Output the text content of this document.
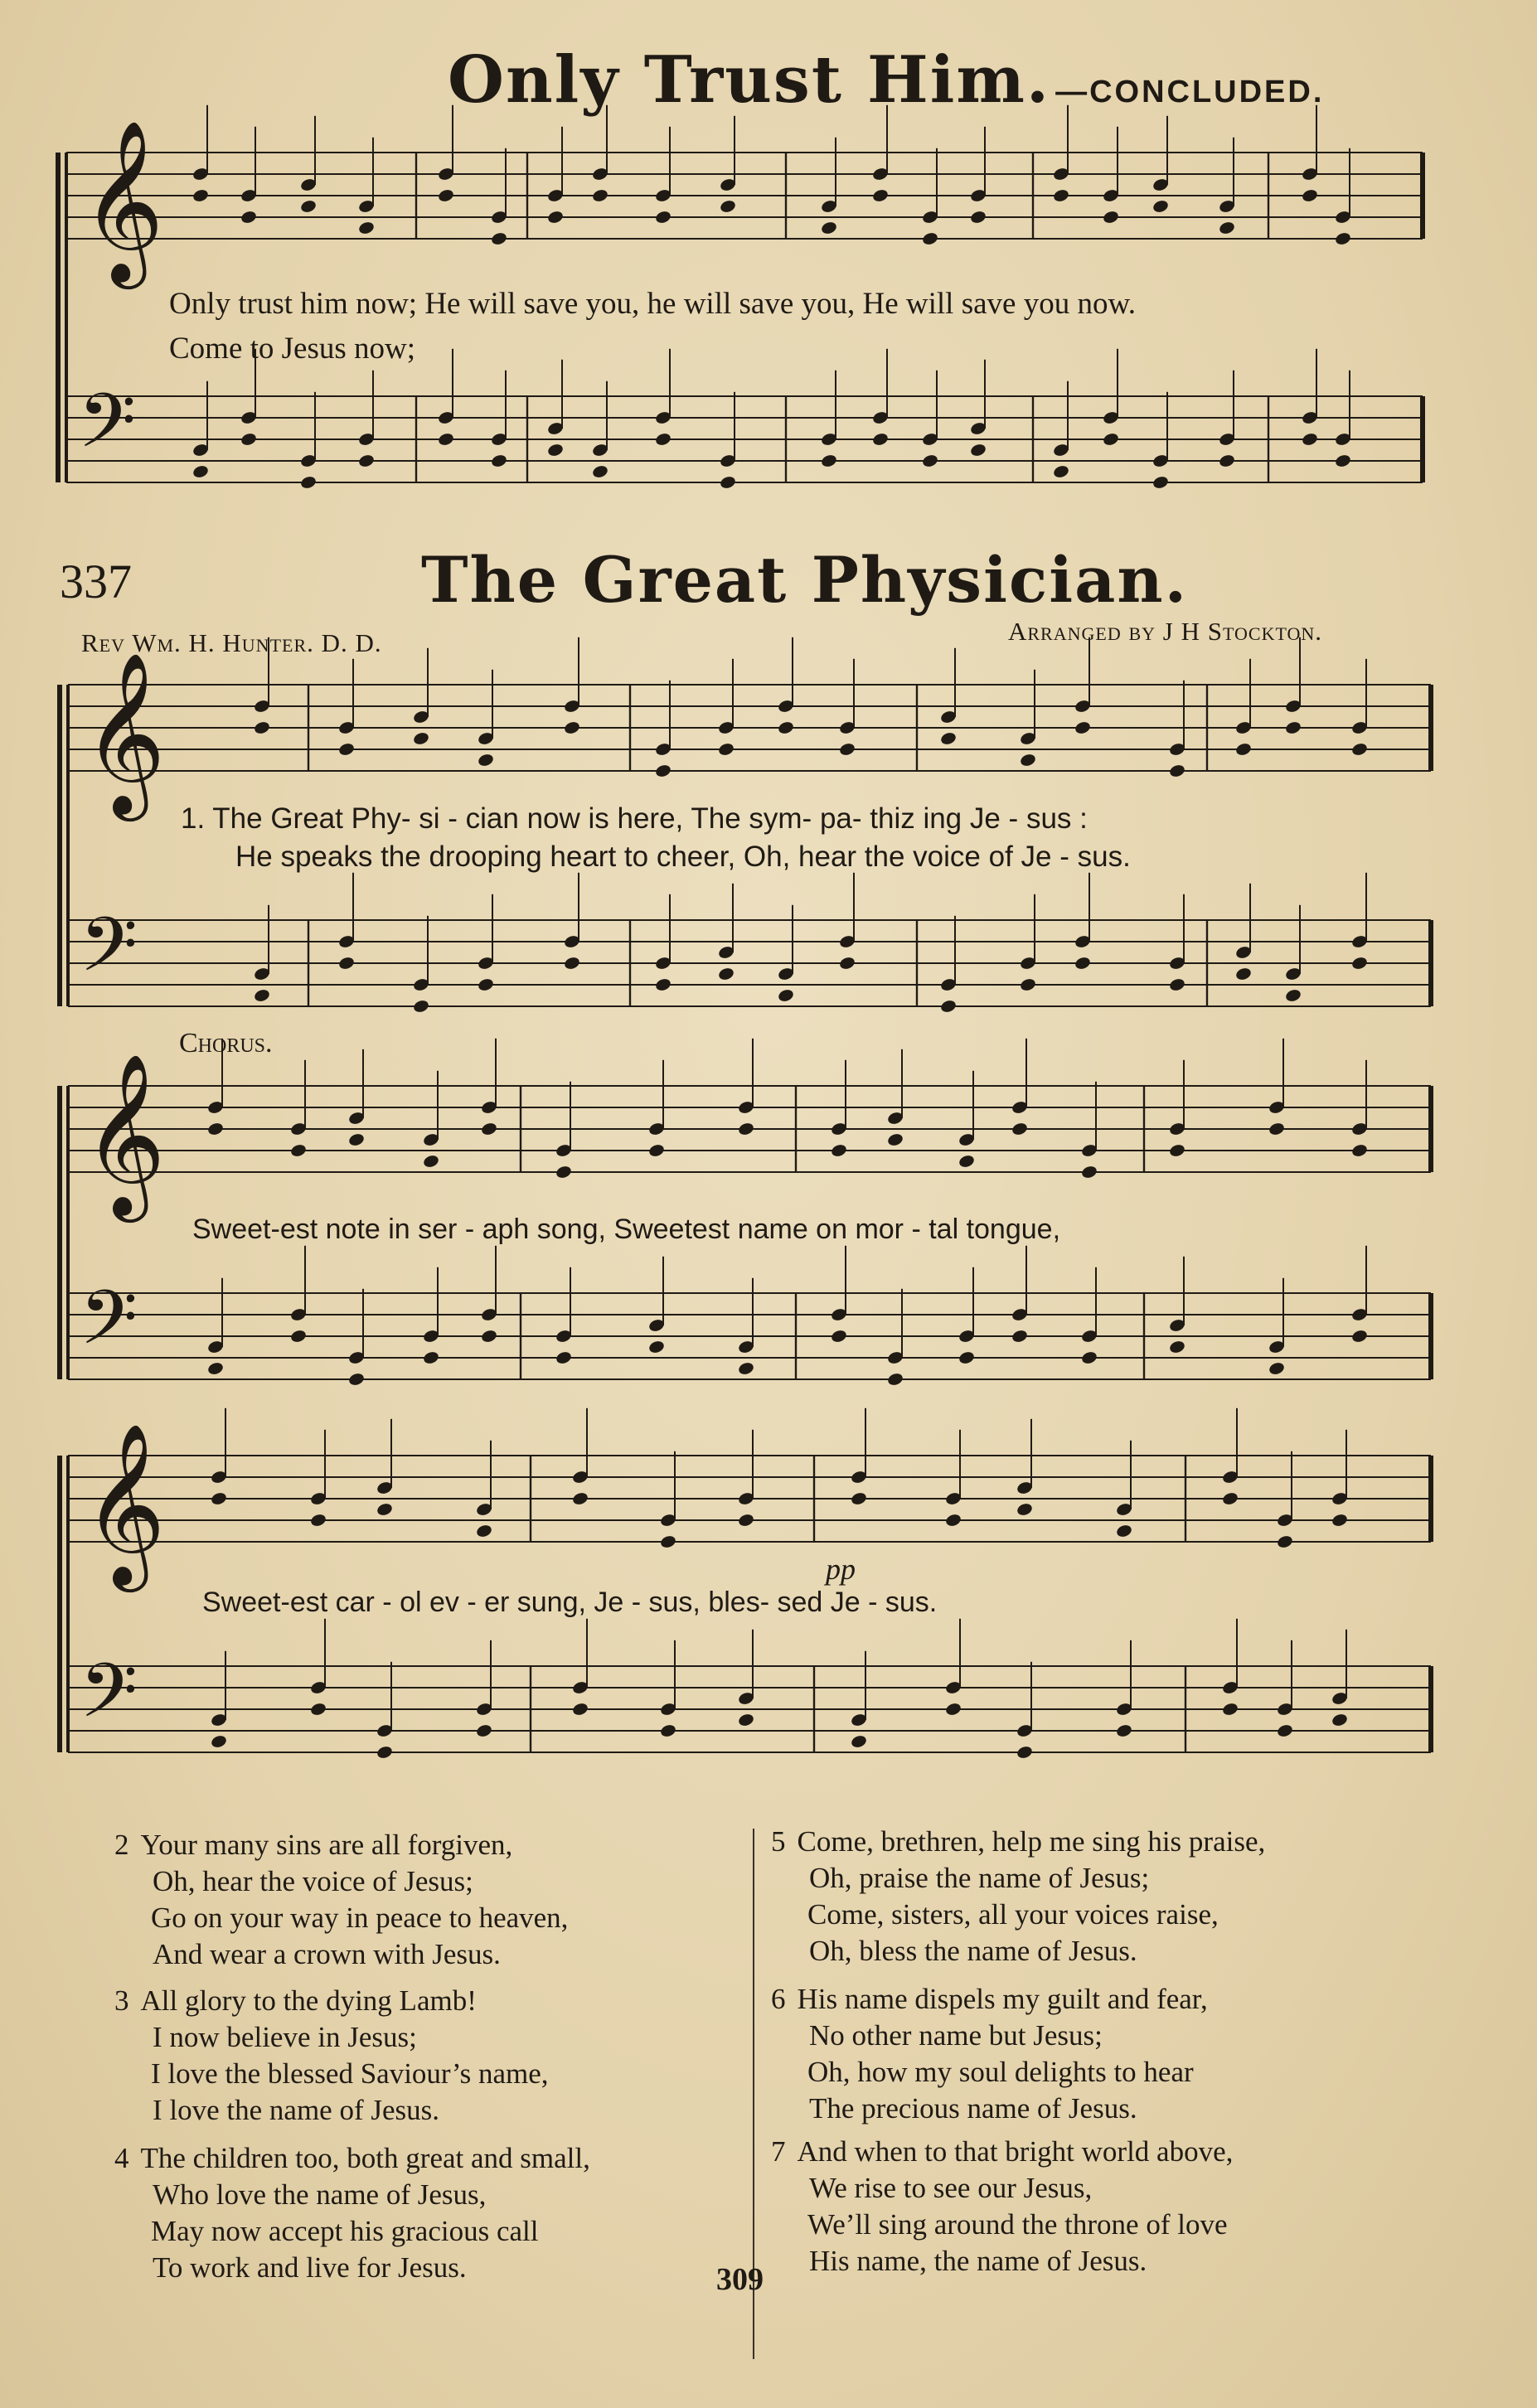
Only Trust Him. —CONCLUDED.
𝄞
𝄢
𝄞
𝄢
𝄞
𝄢
𝄞
𝄢
Only trust him now; He will save you, he will save you, He will save you now.
Come to Jesus now;
337	The Great Physician.
Rev Wm. H. Hunter. D. D.	Arranged by J H Stockton.
1. The Great Phy- si - cian now is here, The sym- pa- thiz ing Je - sus :
He speaks the drooping heart to cheer, Oh, hear the voice of Je - sus.
Chorus.
Sweet-est note in ser - aph song, Sweetest name on mor - tal tongue,
Sweet-est car - ol ev - er sung, Je - sus, bles- sed Je - sus.
pp
2 Your many sins are all forgiven,
Oh, hear the voice of Jesus;
Go on your way in peace to heaven,
And wear a crown with Jesus.
3 All glory to the dying Lamb!
I now believe in Jesus;
I love the blessed Saviour’s name,
I love the name of Jesus.
4 The children too, both great and small,
Who love the name of Jesus,
May now accept his gracious call
To work and live for Jesus.
5 Come, brethren, help me sing his praise,
Oh, praise the name of Jesus;
Come, sisters, all your voices raise,
Oh, bless the name of Jesus.
6 His name dispels my guilt and fear,
No other name but Jesus;
Oh, how my soul delights to hear
The precious name of Jesus.
7 And when to that bright world above,
We rise to see our Jesus,
We’ll sing around the throne of love
His name, the name of Jesus.
309
